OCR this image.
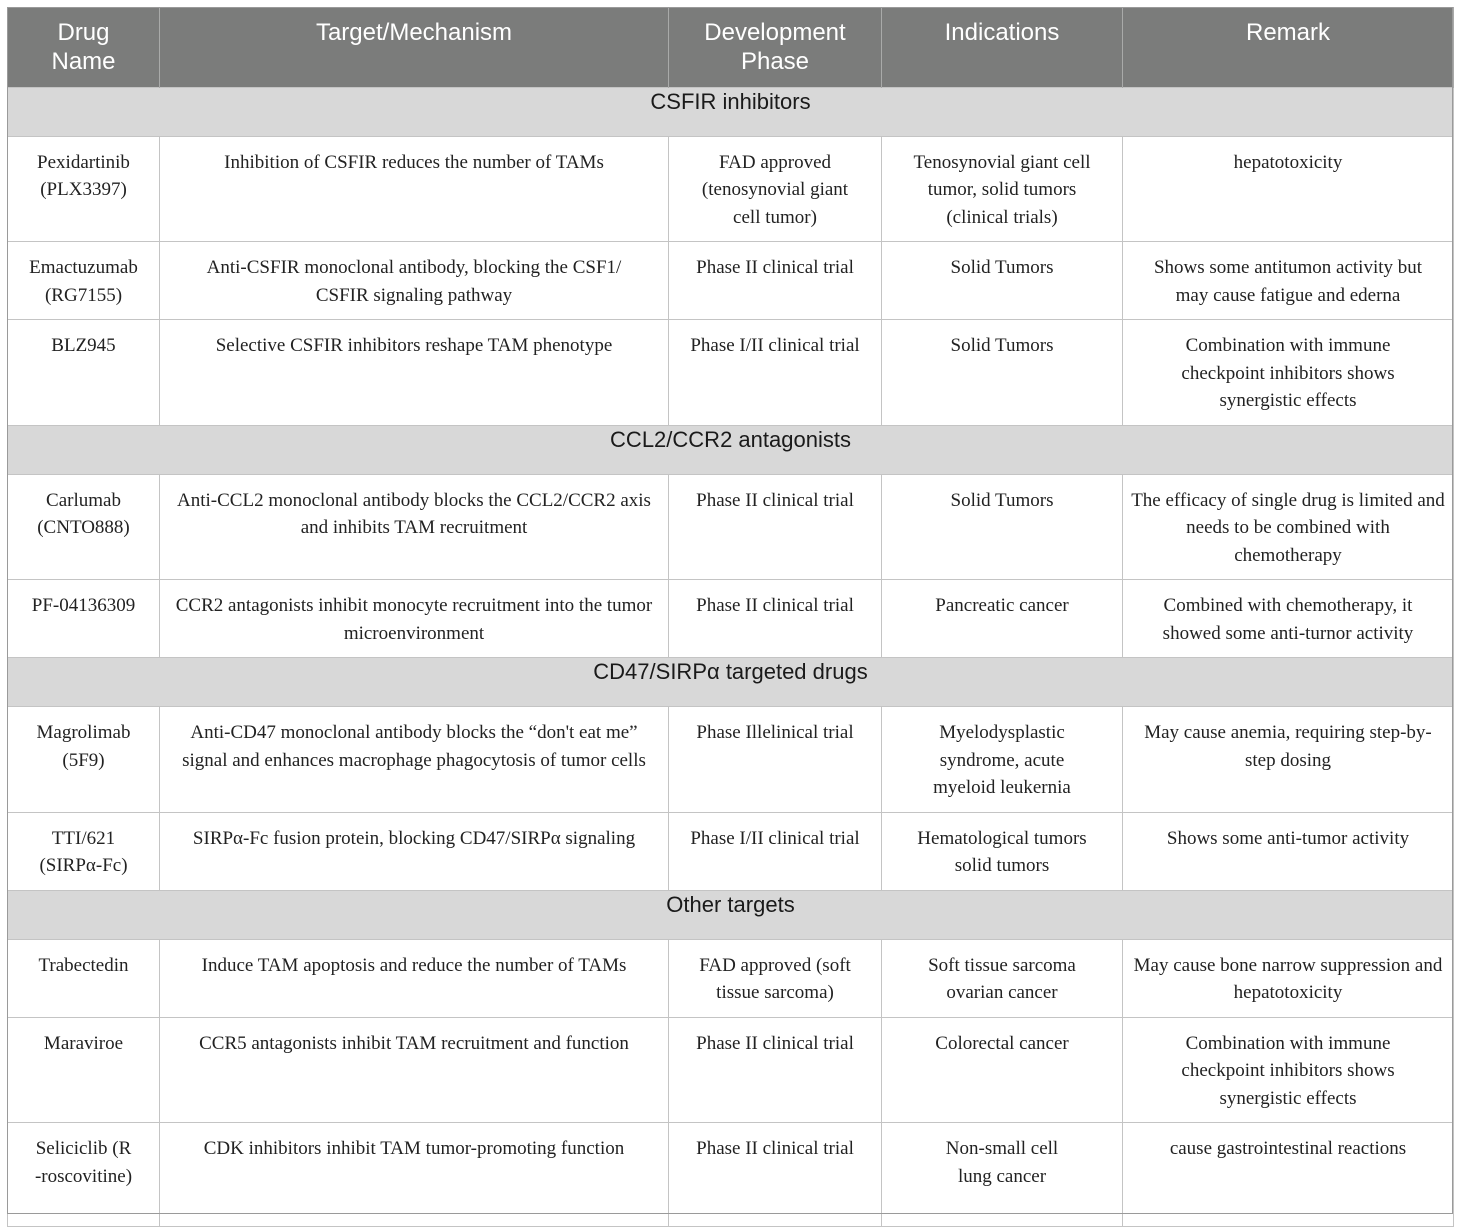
Drug Name	Target/Mechanism	Development Phase	Indications	Remark
CSFIR inhibitors				
Pexidartinib (PLX3397)	Inhibition of CSFIR reduces the number of TAMs	FAD approved (tenosynovial giant cell tumor)	Tenosynovial giant cell tumor, solid tumors (clinical trials)	hepatotoxicity
Emactuzumab (RG7155)	Anti-CSFIR monoclonal antibody, blocking the CSF1/ CSFIR signaling pathway	Phase II clinical trial	Solid Tumors	Shows some antitumon activity but may cause fatigue and ederna
BLZ945	Selective CSFIR inhibitors reshape TAM phenotype	Phase I/II clinical trial	Solid Tumors	Combination with immune checkpoint inhibitors shows synergistic effects
CCL2/CCR2 antagonists				
Carlumab (CNTO888)	Anti-CCL2 monoclonal antibody blocks the CCL2/CCR2 axis and inhibits TAM recruitment	Phase II clinical trial	Solid Tumors	The efficacy of single drug is limited and needs to be combined with chemotherapy
PF-04136309	CCR2 antagonists inhibit monocyte recruitment into the tumor microenvironment	Phase II clinical trial	Pancreatic cancer	Combined with chemotherapy, it showed some anti-turnor activity
CD47/SIRPα targeted drugs				
Magrolimab (5F9)	Anti-CD47 monoclonal antibody blocks the “don't eat me” signal and enhances macrophage phagocytosis of tumor cells	Phase Illelinical trial	Myelodysplastic syndrome, acute myeloid leukernia	May cause anemia, requiring step-by-step dosing
TTI/621 (SIRPα-Fc)	SIRPα-Fc fusion protein, blocking CD47/SIRPα signaling	Phase I/II clinical trial	Hematological tumors solid tumors	Shows some anti-tumor activity
Other targets				
Trabectedin	Induce TAM apoptosis and reduce the number of TAMs	FAD approved (soft tissue sarcoma)	Soft tissue sarcoma ovarian cancer	May cause bone narrow suppression and hepatotoxicity
Maraviroe	CCR5 antagonists inhibit TAM recruitment and function	Phase II clinical trial	Colorectal cancer	Combination with immune checkpoint inhibitors shows synergistic effects
Seliciclib (R-roscovitine)	CDK inhibitors inhibit TAM tumor-promoting function	Phase II clinical trial	Non-small cell lung cancer	cause gastrointestinal reactions
